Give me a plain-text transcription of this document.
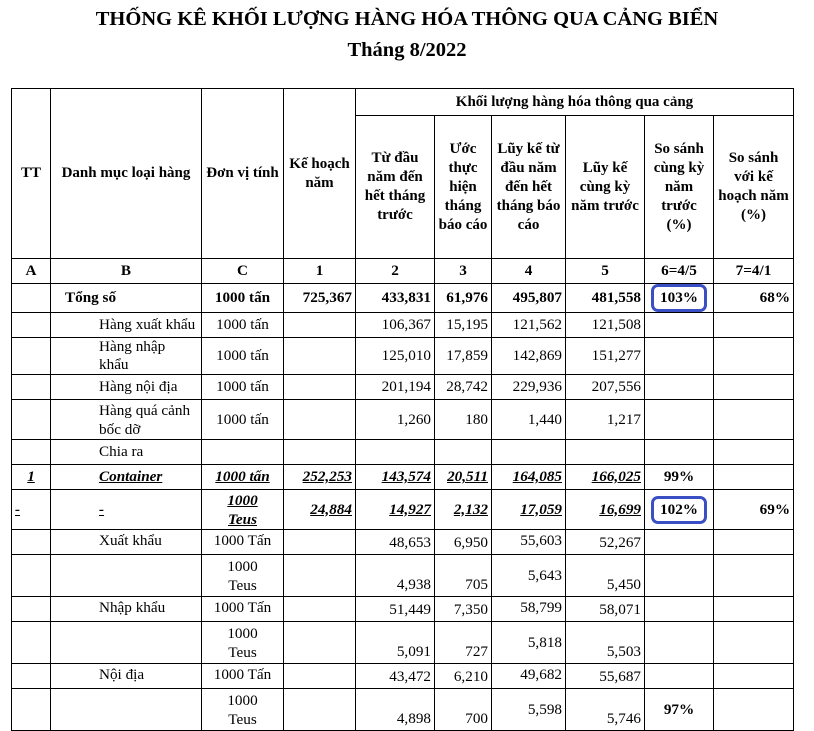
THỐNG KÊ KHỐI LƯỢNG HÀNG HÓA THÔNG QUA CẢNG BIỂN
Tháng 8/2022
TT	Danh mục loại hàng	Đơn vị tính	Kế hoạch năm	Khối lượng hàng hóa thông qua cảng					
				Từ đầu năm đến hết tháng trước	Ước thực hiện tháng báo cáo	Lũy kế từ đầu năm đến hết tháng báo cáo	Lũy kế cùng kỳ năm trước	So sánh cùng kỳ năm trước (%)	So sánh với kế hoạch năm (%)
A	B	C	1	2	3	4	5	6=4/5	7=4/1
	Tổng số	1000 tấn	725,367	433,831	61,976	495,807	481,558	103%	68%
	Hàng xuất khẩu	1000 tấn		106,367	15,195	121,562	121,508		
	Hàng nhập khẩu	1000 tấn		125,010	17,859	142,869	151,277		
	Hàng nội địa	1000 tấn		201,194	28,742	229,936	207,556		
	Hàng quá cảnh bốc dỡ	1000 tấn		1,260	180	1,440	1,217		
	Chia ra								
1	Container	1000 tấn	252,253	143,574	20,511	164,085	166,025	99%	
-	-	1000 Teus	24,884	14,927	2,132	17,059	16,699	102%	69%
	Xuất khẩu	1000 Tấn		48,653	6,950	55,603	52,267		
		1000 Teus		4,938	705	5,643	5,450		
	Nhập khẩu	1000 Tấn		51,449	7,350	58,799	58,071		
		1000 Teus		5,091	727	5,818	5,503		
	Nội địa	1000 Tấn		43,472	6,210	49,682	55,687		
		1000 Teus		4,898	700	5,598	5,746	97%	
